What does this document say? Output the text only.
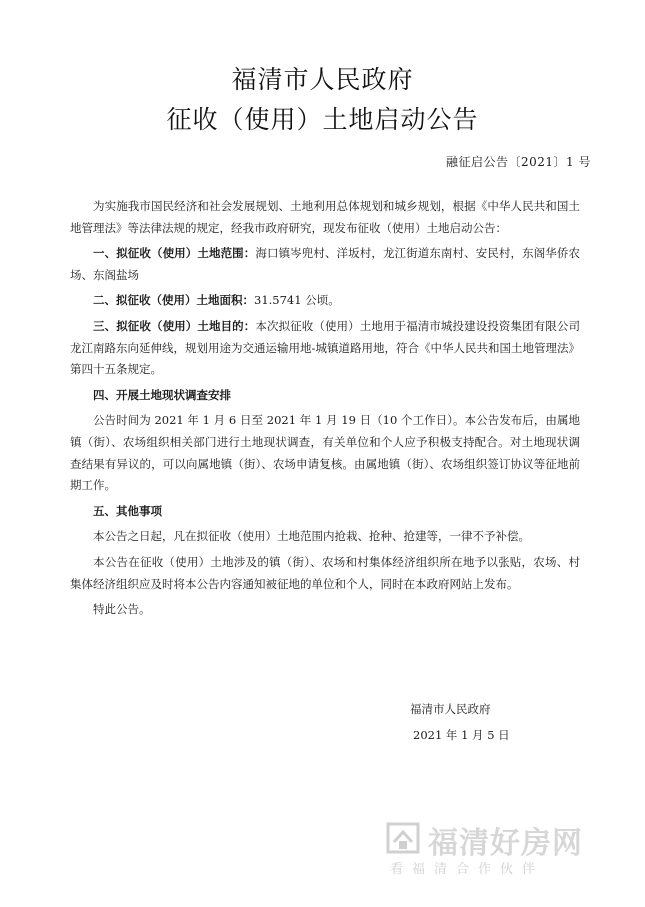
福清市人民政府
征收（使用）土地启动公告
融征启公告〔2021〕1 号

为实施我市国民经济和社会发展规划、土地利用总体规划和城乡规划，根据《中华人民共和国土地管理法》等法律法规的规定，经我市政府研究，现发布征收（使用）土地启动公告：

一、拟征收（使用）土地范围：海口镇岑兜村、洋坂村，龙江街道东南村、安民村，东阁华侨农场、东阁盐场

二、拟征收（使用）土地面积：31.5741 公顷。

三、拟征收（使用）土地目的：本次拟征收（使用）土地用于福清市城投建设投资集团有限公司龙江南路东向延伸线，规划用途为交通运输用地-城镇道路用地，符合《中华人民共和国土地管理法》第四十五条规定。

四、开展土地现状调查安排

公告时间为 2021 年 1 月 6 日至 2021 年 1 月 19 日（10 个工作日）。本公告发布后，由属地镇（街）、农场组织相关部门进行土地现状调查，有关单位和个人应予积极支持配合。对土地现状调查结果有异议的，可以向属地镇（街）、农场申请复核。由属地镇（街）、农场组织签订协议等征地前期工作。

五、其他事项

本公告之日起，凡在拟征收（使用）土地范围内抢栽、抢种、抢建等，一律不予补偿。

本公告在征收（使用）土地涉及的镇（街）、农场和村集体经济组织所在地予以张贴，农场、村集体经济组织应及时将本公告内容通知被征地的单位和个人，同时在本政府网站上发布。

特此公告。

福清市人民政府
2021 年 1 月 5 日
福清好房网
看福清合作伙伴
